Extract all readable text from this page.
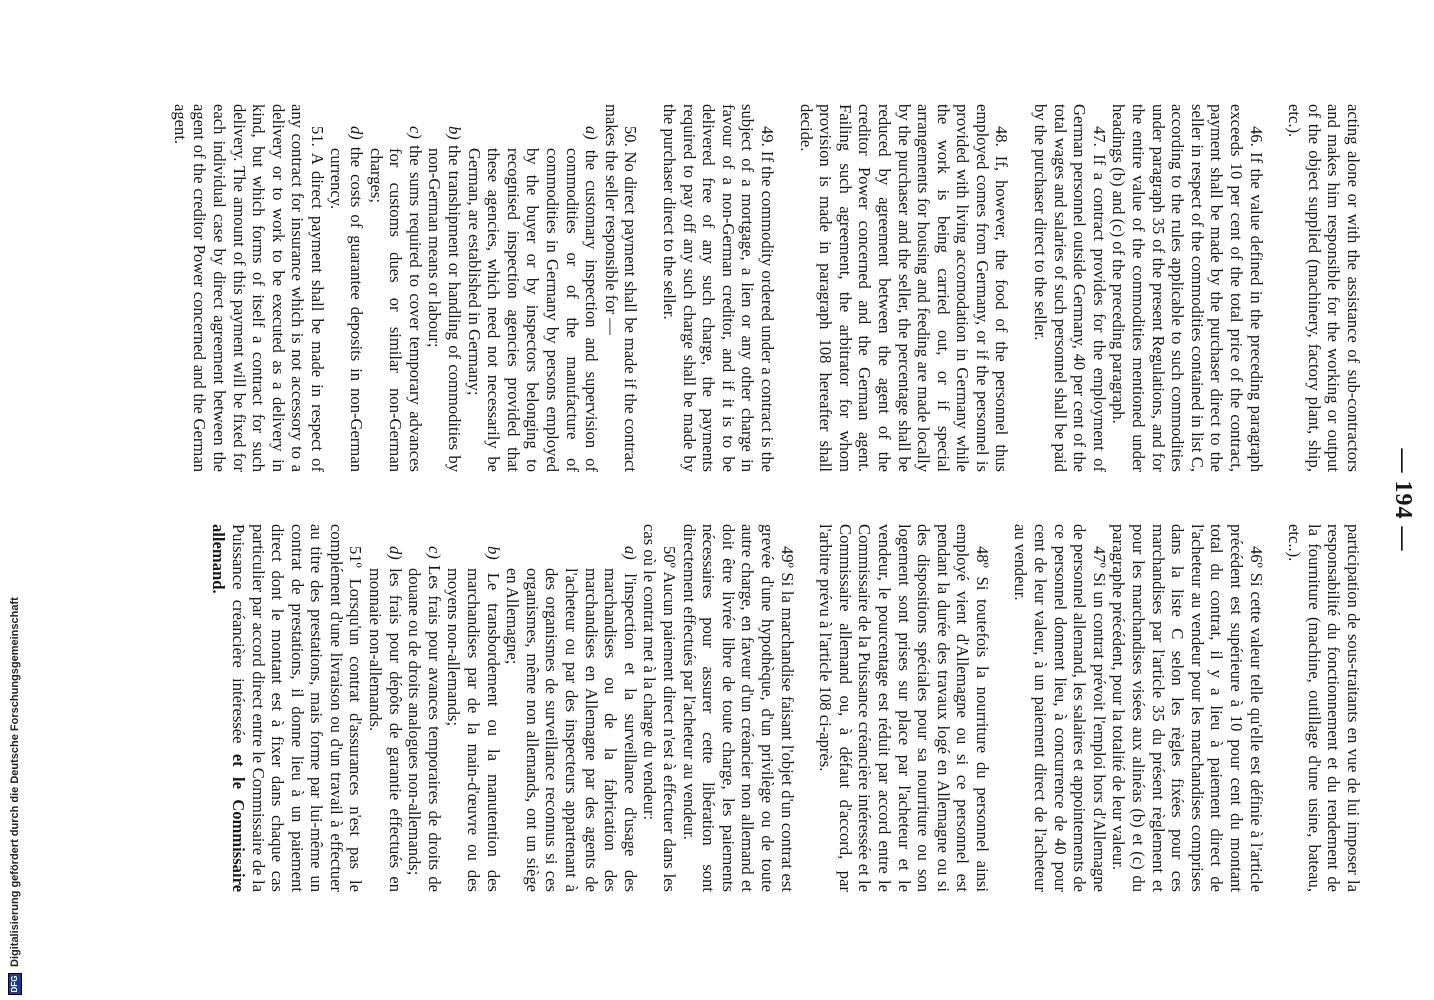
— 194 —

acting alone or with the assistance of sub-contractors and makes him responsible for the working or output of the object supplied (machinery, factory plant, ship, etc.).

46. If the value defined in the preceding paragraph exceeds 10 per cent of the total price of the contract, payment shall be made by the purchaser direct to the seller in respect of the commodities contained in list C, according to the rules applicable to such commodities under paragraph 35 of the present Regulations, and for the entire value of the commodities mentioned under headings (b) and (c) of the preceding paragraph.

47. If a contract provides for the employment of German personnel outside Germany, 40 per cent of the total wages and salaries of such personnel shall be paid by the purchaser direct to the seller.

48. If, however, the food of the personnel thus employed comes from Germany, or if the personnel is provided with living accomodation in Germany while the work is being carried out, or if special arrangements for housing and feeding are made locally by the purchaser and the seller, the percentage shall be reduced by agreement between the agent of the creditor Power concerned and the German agent. Failing such agreement, the arbitrator for whom provision is made in paragraph 108 hereafter shall decide.

49. If the commodity ordered under a contract is the subject of a mortgage, a lien or any other charge in favour of a non-German creditor, and if it is to be delivered free of any such charge, the payments required to pay off any such charge shall be made by the purchaser direct to the seller.

50. No direct payment shall be made if the contract makes the seller responsible for —

a) the customary inspection and supervision of commodities or of the manufacture of commodities in Germany by persons employed by the buyer or by inspectors belonging to recognised inspection agencies provided that these agencies, which need not necessarily be German, are established in Germany;

b) the transhipment or handling of commodities by non-German means or labour;

c) the sums required to cover temporary advances for customs dues or similar non-German charges;

d) the costs of guarantee deposits in non-German currency.

51. A direct payment shall be made in respect of any contract for insurance which is not accessory to a delivery or to work to be executed as a delivery in kind, but which forms of itself a contract for such delivery. The amount of this payment will be fixed for each individual case by direct agreement between the agent of the creditor Power concerned and the German agent.

participation de sous-traitants en vue de lui imposer la responsabilité du fonctionnement et du rendement de la fourniture (machine, outillage d'une usine, bateau, etc..).

46º Si cette valeur telle qu'elle est définie à l'article précédent est supérieure à 10 pour cent du montant total du contrat, il y a lieu à paiement direct de l'acheteur au vendeur pour les marchandises comprises dans la liste C selon les règles fixées pour ces marchandises par l'article 35 du présent règlement et pour les marchandises visées aux alinéas (b) et (c) du paragraphe précédent, pour la totalité de leur valeur.

47º Si un contrat prévoit l'emploi hors d'Allemagne de personnel allemand, les salaires et appointements de ce personnel donnent lieu, à concurrence de 40 pour cent de leur valeur, à un paiement direct de l'acheteur au vendeur.

48º Si toutefois la nourriture du personnel ainsi employé vient d'Allemagne ou si ce personnel est pendant la durée des travaux logé en Allemagne ou si des dispositions spéciales pour sa nourriture ou son logement sont prises sur place par l'acheteur et le vendeur, le pourcentage est réduit par accord entre le Commissaire de la Puissance créancière intéressée et le Commissaire allemand ou, à défaut d'accord, par l'arbitre prévu à l'article 108 ci-après.

49º Si la marchandise faisant l'objet d'un contrat est grevée d'une hypothèque, d'un privilège ou de toute autre charge, en faveur d'un créancier non allemand et doit être livrée libre de toute charge, les paiements nécessaires pour assurer cette libération sont directement effectués par l'acheteur au vendeur.

50º Aucun paiement direct n'est à effectuer dans les cas où le contrat met à la charge du vendeur:

a) l'inspection et la surveillance d'usage des marchandises ou de la fabrication des marchandises en Allemagne par des agents de l'acheteur ou par des inspecteurs appartenant à des organismes de surveillance reconnus si ces organismes, même non allemands, ont un siège en Allemagne;

b) Le transbordement ou la manutention des marchandises par de la main-d'œuvre ou des moyens non-allemands;

c) Les frais pour avances temporaires de droits de douane ou de droits analogues non-allemands;

d) les frais pour dépôts de garantie effectués en monnaie non-allemands.

51º Lorsqu'un contrat d'assurances n'est pas le complément d'une livraison ou d'un travail à effectuer au titre des prestations, mais forme par lui-même un contrat de prestations, il donne lieu à un paiement direct dont le montant est à fixer dans chaque cas particulier par accord direct entre le Commissaire de la Puissance créancière intéressée et le Commissaire allemand.

DFG
Digitalisierung gefördert durch die Deutsche Forschungsgemeinschaft
